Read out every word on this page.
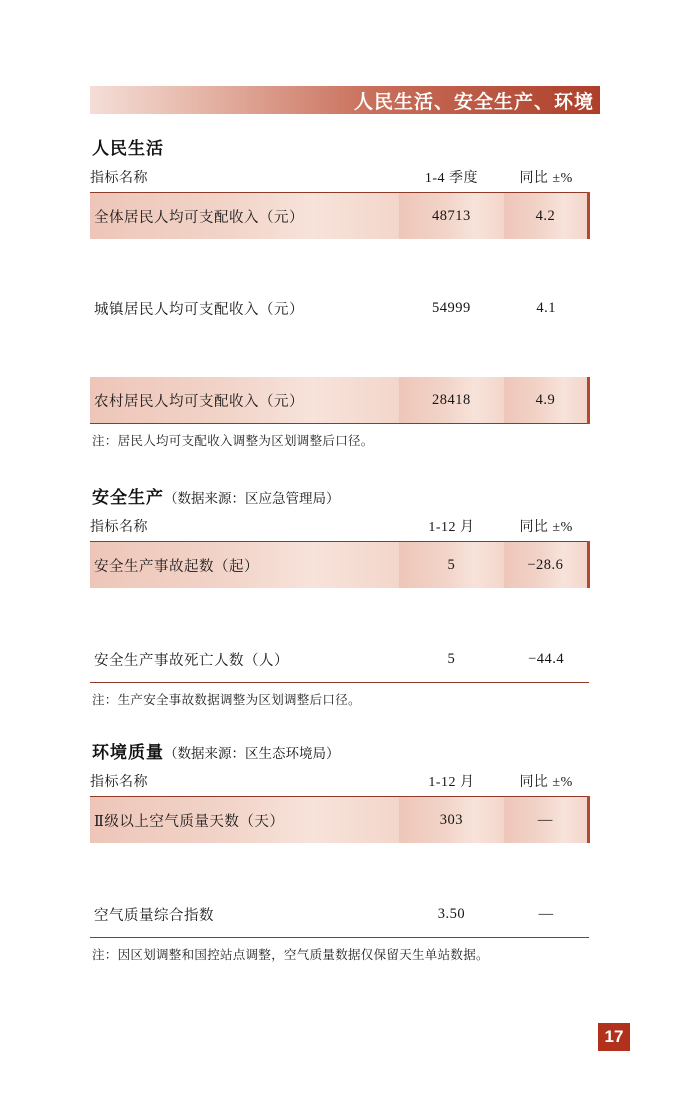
人民生活、安全生产、环境
人民生活
指标名称	1-4 季度	同比 ±%
全体居民人均可支配收入（元）	48713	4.2

城镇居民人均可支配收入（元）	54999	4.1

农村居民人均可支配收入（元）	28418	4.9

注：居民人均可支配收入调整为区划调整后口径。

安全生产（数据来源：区应急管理局）
指标名称	1-12 月	同比 ±%
安全生产事故起数（起）	5	−28.6

安全生产事故死亡人数（人）	5	−44.4

注：生产安全事故数据调整为区划调整后口径。

环境质量（数据来源：区生态环境局）
指标名称	1-12 月	同比 ±%
Ⅱ级以上空气质量天数（天）	303	—

空气质量综合指数	3.50	—

注：因区划调整和国控站点调整，空气质量数据仅保留天生单站数据。

17
